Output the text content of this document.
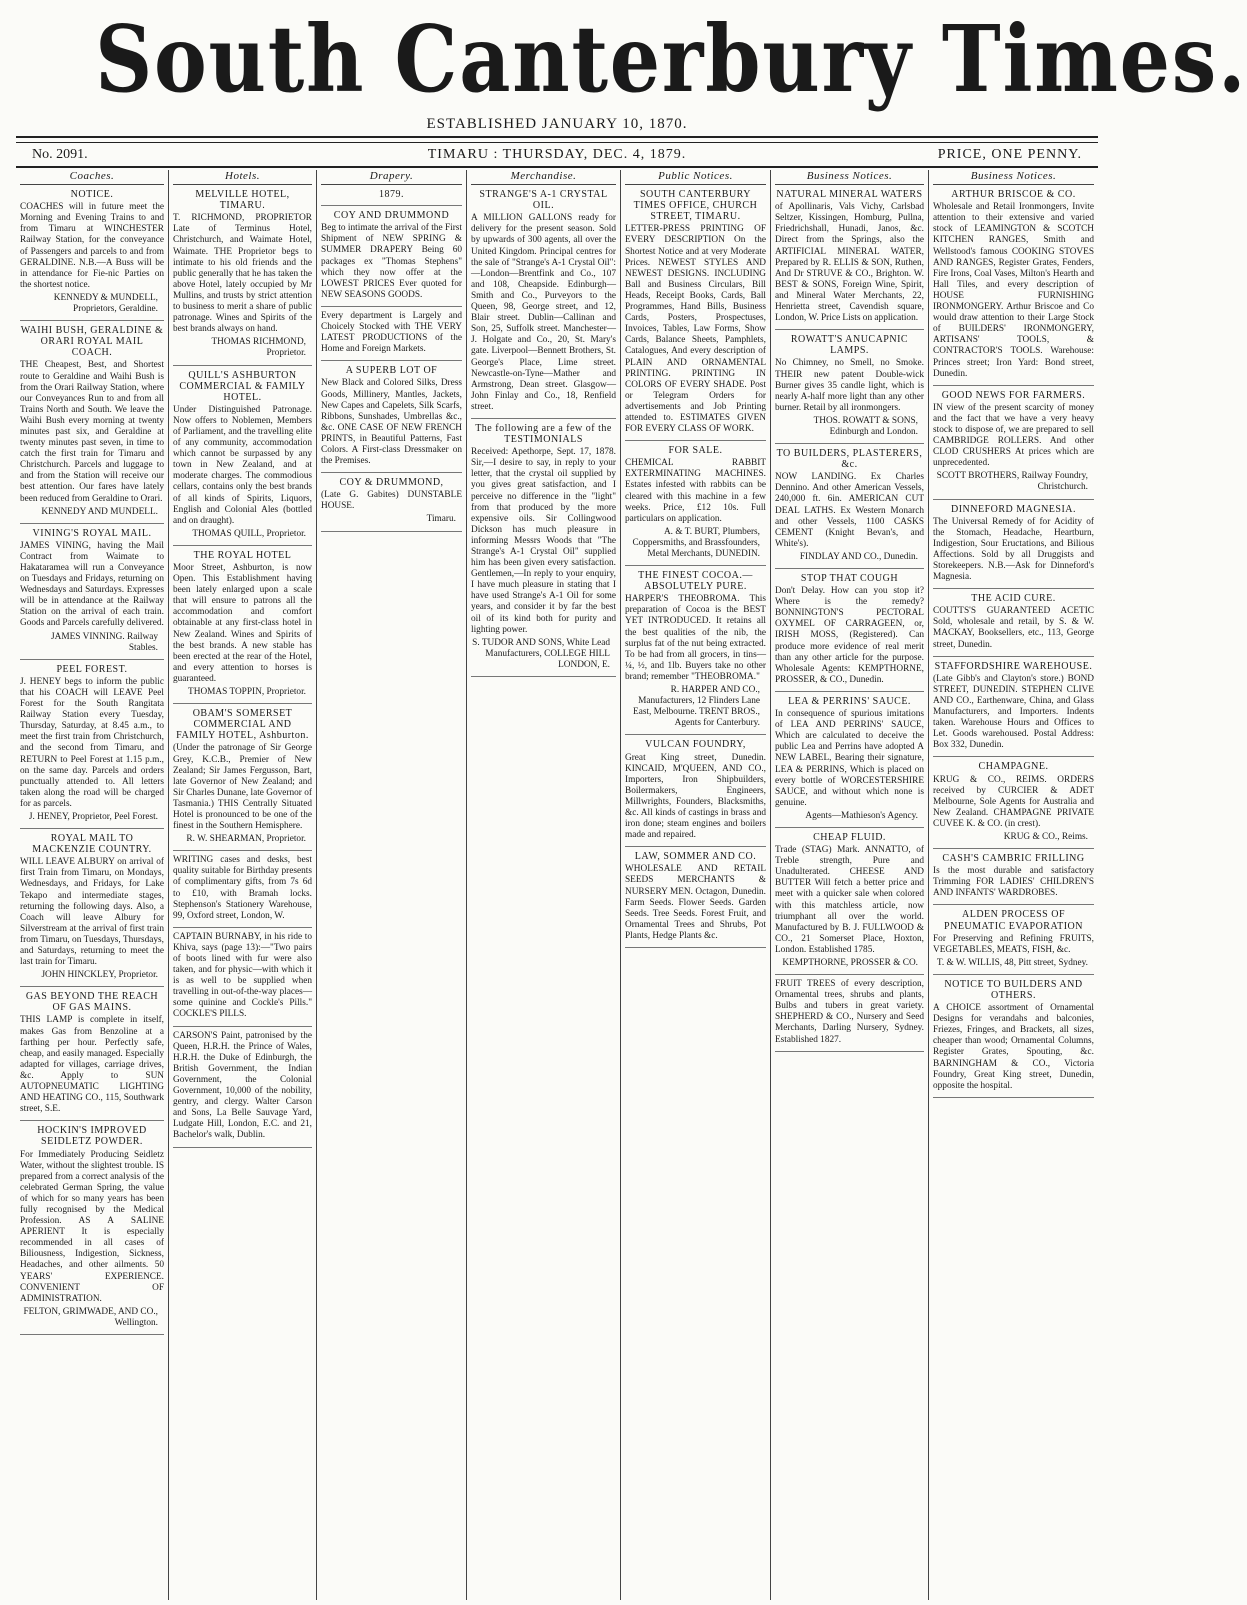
South Canterbury Times.
ESTABLISHED JANUARY 10, 1870.
No. 2091.	TIMARU : THURSDAY, DEC. 4, 1879.	PRICE, ONE PENNY.
Coaches.
NOTICE.

COACHES will in future meet the Morning and Evening Trains to and from Timaru at WINCHESTER Railway Station, for the conveyance of Passengers and parcels to and from GERALDINE. N.B.—A Buss will be in attendance for Fie-nic Parties on the shortest notice.

KENNEDY & MUNDELL, Proprietors, Geraldine.

WAIHI BUSH, GERALDINE & ORARI ROYAL MAIL COACH.

THE Cheapest, Best, and Shortest route to Geraldine and Waihi Bush is from the Orari Railway Station, where our Conveyances Run to and from all Trains North and South. We leave the Waihi Bush every morning at twenty minutes past six, and Geraldine at twenty minutes past seven, in time to catch the first train for Timaru and Christchurch. Parcels and luggage to and from the Station will receive our best attention. Our fares have lately been reduced from Geraldine to Orari.

KENNEDY AND MUNDELL.

VINING'S ROYAL MAIL.

JAMES VINING, having the Mail Contract from Waimate to Hakataramea will run a Conveyance on Tuesdays and Fridays, returning on Wednesdays and Saturdays. Expresses will be in attendance at the Railway Station on the arrival of each train. Goods and Parcels carefully delivered.

JAMES VINNING. Railway Stables.

PEEL FOREST.

J. HENEY begs to inform the public that his COACH will LEAVE Peel Forest for the South Rangitata Railway Station every Tuesday, Thursday, Saturday, at 8.45 a.m., to meet the first train from Christchurch, and the second from Timaru, and RETURN to Peel Forest at 1.15 p.m., on the same day. Parcels and orders punctually attended to. All letters taken along the road will be charged for as parcels.

J. HENEY, Proprietor, Peel Forest.

ROYAL MAIL TO MACKENZIE COUNTRY.

WILL LEAVE ALBURY on arrival of first Train from Timaru, on Mondays, Wednesdays, and Fridays, for Lake Tekapo and intermediate stages, returning the following days. Also, a Coach will leave Albury for Silverstream at the arrival of first train from Timaru, on Tuesdays, Thursdays, and Saturdays, returning to meet the last train for Timaru.

JOHN HINCKLEY, Proprietor.

GAS BEYOND THE REACH OF GAS MAINS.

THIS LAMP is complete in itself, makes Gas from Benzoline at a farthing per hour. Perfectly safe, cheap, and easily managed. Especially adapted for villages, carriage drives, &c. Apply to SUN AUTOPNEUMATIC LIGHTING AND HEATING CO., 115, Southwark street, S.E.

HOCKIN'S IMPROVED SEIDLETZ POWDER.

For Immediately Producing Seidletz Water, without the slightest trouble. IS prepared from a correct analysis of the celebrated German Spring, the value of which for so many years has been fully recognised by the Medical Profession. AS A SALINE APERIENT It is especially recommended in all cases of Biliousness, Indigestion, Sickness, Headaches, and other ailments. 50 YEARS' EXPERIENCE. CONVENIENT OF ADMINISTRATION.

FELTON, GRIMWADE, AND CO., Wellington.

Hotels.
MELVILLE HOTEL, TIMARU.

T. RICHMOND, PROPRIETOR Late of Terminus Hotel, Christchurch, and Waimate Hotel, Waimate. THE Proprietor begs to intimate to his old friends and the public generally that he has taken the above Hotel, lately occupied by Mr Mullins, and trusts by strict attention to business to merit a share of public patronage. Wines and Spirits of the best brands always on hand.

THOMAS RICHMOND, Proprietor.

QUILL'S ASHBURTON COMMERCIAL & FAMILY HOTEL.

Under Distinguished Patronage. Now offers to Noblemen, Members of Parliament, and the travelling elite of any community, accommodation which cannot be surpassed by any town in New Zealand, and at moderate charges. The commodious cellars, contains only the best brands of all kinds of Spirits, Liquors, English and Colonial Ales (bottled and on draught).

THOMAS QUILL, Proprietor.

THE ROYAL HOTEL

Moor Street, Ashburton, is now Open. This Establishment having been lately enlarged upon a scale that will ensure to patrons all the accommodation and comfort obtainable at any first-class hotel in New Zealand. Wines and Spirits of the best brands. A new stable has been erected at the rear of the Hotel, and every attention to horses is guaranteed.

THOMAS TOPPIN, Proprietor.

OBAM'S SOMERSET COMMERCIAL AND FAMILY HOTEL, Ashburton.

(Under the patronage of Sir George Grey, K.C.B., Premier of New Zealand; Sir James Fergusson, Bart, late Governor of New Zealand; and Sir Charles Dunane, late Governor of Tasmania.) THIS Centrally Situated Hotel is pronounced to be one of the finest in the Southern Hemisphere.

R. W. SHEARMAN, Proprietor.

WRITING cases and desks, best quality suitable for Birthday presents of complimentary gifts, from 7s 6d to £10, with Bramah locks. Stephenson's Stationery Warehouse, 99, Oxford street, London, W.

CAPTAIN BURNABY, in his ride to Khiva, says (page 13):—"Two pairs of boots lined with fur were also taken, and for physic—with which it is as well to be supplied when travelling in out-of-the-way places—some quinine and Cockle's Pills." COCKLE'S PILLS.

CARSON'S Paint, patronised by the Queen, H.R.H. the Prince of Wales, H.R.H. the Duke of Edinburgh, the British Government, the Indian Government, the Colonial Government, 10,000 of the nobility, gentry, and clergy. Walter Carson and Sons, La Belle Sauvage Yard, Ludgate Hill, London, E.C. and 21, Bachelor's walk, Dublin.

Drapery.
1879.
COY AND DRUMMOND

Beg to intimate the arrival of the First Shipment of NEW SPRING & SUMMER DRAPERY Being 60 packages ex "Thomas Stephens" which they now offer at the LOWEST PRICES Ever quoted for NEW SEASONS GOODS.

Every department is Largely and Choicely Stocked with THE VERY LATEST PRODUCTIONS of the Home and Foreign Markets.

A SUPERB LOT OF

New Black and Colored Silks, Dress Goods, Millinery, Mantles, Jackets, New Capes and Capelets, Silk Scarfs, Ribbons, Sunshades, Umbrellas &c., &c. ONE CASE OF NEW FRENCH PRINTS, in Beautiful Patterns, Fast Colors. A First-class Dressmaker on the Premises.

COY & DRUMMOND,

(Late G. Gabites) DUNSTABLE HOUSE.

Timaru.

Merchandise.
STRANGE'S A-1 CRYSTAL OIL.

A MILLION GALLONS ready for delivery for the present season. Sold by upwards of 300 agents, all over the United Kingdom. Principal centres for the sale of "Strange's A-1 Crystal Oil":—London—Brentfink and Co., 107 and 108, Cheapside. Edinburgh—Smith and Co., Purveyors to the Queen, 98, George street, and 12, Blair street. Dublin—Callinan and Son, 25, Suffolk street. Manchester—J. Holgate and Co., 20, St. Mary's gate. Liverpool—Bennett Brothers, St. George's Place, Lime street. Newcastle-on-Tyne—Mather and Armstrong, Dean street. Glasgow—John Finlay and Co., 18, Renfield street.

The following are a few of the TESTIMONIALS

Received: Apethorpe, Sept. 17, 1878. Sir,—I desire to say, in reply to your letter, that the crystal oil supplied by you gives great satisfaction, and I perceive no difference in the "light" from that produced by the more expensive oils. Sir Collingwood Dickson has much pleasure in informing Messrs Woods that "The Strange's A-1 Crystal Oil" supplied him has been given every satisfaction. Gentlemen,—In reply to your enquiry, I have much pleasure in stating that I have used Strange's A-1 Oil for some years, and consider it by far the best oil of its kind both for purity and lighting power.

S. TUDOR AND SONS, White Lead Manufacturers, COLLEGE HILL LONDON, E.

Public Notices.
SOUTH CANTERBURY TIMES OFFICE, CHURCH STREET, TIMARU.

LETTER-PRESS PRINTING OF EVERY DESCRIPTION On the Shortest Notice and at very Moderate Prices. NEWEST STYLES AND NEWEST DESIGNS. INCLUDING Ball and Business Circulars, Bill Heads, Receipt Books, Cards, Ball Programmes, Hand Bills, Business Cards, Posters, Prospectuses, Invoices, Tables, Law Forms, Show Cards, Balance Sheets, Pamphlets, Catalogues, And every description of PLAIN AND ORNAMENTAL PRINTING. PRINTING IN COLORS OF EVERY SHADE. Post or Telegram Orders for advertisements and Job Printing attended to. ESTIMATES GIVEN FOR EVERY CLASS OF WORK.

FOR SALE.

CHEMICAL RABBIT EXTERMINATING MACHINES. Estates infested with rabbits can be cleared with this machine in a few weeks. Price, £12 10s. Full particulars on application.

A. & T. BURT, Plumbers, Coppersmiths, and Brassfounders, Metal Merchants, DUNEDIN.

THE FINEST COCOA.—ABSOLUTELY PURE.

HARPER'S THEOBROMA. This preparation of Cocoa is the BEST YET INTRODUCED. It retains all the best qualities of the nib, the surplus fat of the nut being extracted. To be had from all grocers, in tins—¼, ½, and 1lb. Buyers take no other brand; remember "THEOBROMA."

R. HARPER AND CO., Manufacturers, 12 Flinders Lane East, Melbourne. TRENT BROS., Agents for Canterbury.

VULCAN FOUNDRY,

Great King street, Dunedin. KINCAID, M'QUEEN, AND CO., Importers, Iron Shipbuilders, Boilermakers, Engineers, Millwrights, Founders, Blacksmiths, &c. All kinds of castings in brass and iron done; steam engines and boilers made and repaired.

LAW, SOMMER AND CO.

WHOLESALE AND RETAIL SEEDS MERCHANTS & NURSERY MEN. Octagon, Dunedin. Farm Seeds. Flower Seeds. Garden Seeds. Tree Seeds. Forest Fruit, and Ornamental Trees and Shrubs, Pot Plants, Hedge Plants &c.

Business Notices.
NATURAL MINERAL WATERS

of Apollinaris, Vals Vichy, Carlsbad Seltzer, Kissingen, Homburg, Pullna, Friedrichshall, Hunadi, Janos, &c. Direct from the Springs, also the ARTIFICIAL MINERAL WATER, Prepared by R. ELLIS & SON, Ruthen, And Dr STRUVE & CO., Brighton. W. BEST & SONS, Foreign Wine, Spirit, and Mineral Water Merchants, 22, Henrietta street, Cavendish square, London, W. Price Lists on application.

ROWATT'S ANUCAPNIC LAMPS.

No Chimney, no Smell, no Smoke. THEIR new patent Double-wick Burner gives 35 candle light, which is nearly A-half more light than any other burner. Retail by all ironmongers.

THOS. ROWATT & SONS, Edinburgh and London.

TO BUILDERS, PLASTERERS, &c.

NOW LANDING. Ex Charles Dennino. And other American Vessels, 240,000 ft. 6in. AMERICAN CUT DEAL LATHS. Ex Western Monarch and other Vessels, 1100 CASKS CEMENT (Knight Bevan's, and White's).

FINDLAY AND CO., Dunedin.

STOP THAT COUGH

Don't Delay. How can you stop it? Where is the remedy? BONNINGTON'S PECTORAL OXYMEL OF CARRAGEEN, or, IRISH MOSS, (Registered). Can produce more evidence of real merit than any other article for the purpose. Wholesale Agents: KEMPTHORNE, PROSSER, & CO., Dunedin.

LEA & PERRINS' SAUCE.

In consequence of spurious imitations of LEA AND PERRINS' SAUCE, Which are calculated to deceive the public Lea and Perrins have adopted A NEW LABEL, Bearing their signature, LEA & PERRINS, Which is placed on every bottle of WORCESTERSHIRE SAUCE, and without which none is genuine.

Agents—Mathieson's Agency.

CHEAP FLUID.

Trade (STAG) Mark. ANNATTO, of Treble strength, Pure and Unadulterated. CHEESE AND BUTTER Will fetch a better price and meet with a quicker sale when colored with this matchless article, now triumphant all over the world. Manufactured by B. J. FULLWOOD & CO., 21 Somerset Place, Hoxton, London. Established 1785.

KEMPTHORNE, PROSSER & CO.

FRUIT TREES of every description, Ornamental trees, shrubs and plants, Bulbs and tubers in great variety. SHEPHERD & CO., Nursery and Seed Merchants, Darling Nursery, Sydney. Established 1827.

Business Notices.
ARTHUR BRISCOE & CO.

Wholesale and Retail Ironmongers, Invite attention to their extensive and varied stock of LEAMINGTON & SCOTCH KITCHEN RANGES, Smith and Wellstood's famous COOKING STOVES AND RANGES, Register Grates, Fenders, Fire Irons, Coal Vases, Milton's Hearth and Hall Tiles, and every description of HOUSE FURNISHING IRONMONGERY. Arthur Briscoe and Co would draw attention to their Large Stock of BUILDERS' IRONMONGERY, ARTISANS' TOOLS, & CONTRACTOR'S TOOLS. Warehouse: Princes street; Iron Yard: Bond street, Dunedin.

GOOD NEWS FOR FARMERS.

IN view of the present scarcity of money and the fact that we have a very heavy stock to dispose of, we are prepared to sell CAMBRIDGE ROLLERS. And other CLOD CRUSHERS At prices which are unprecedented.

SCOTT BROTHERS, Railway Foundry, Christchurch.

DINNEFORD MAGNESIA.

The Universal Remedy of for Acidity of the Stomach, Headache, Heartburn, Indigestion, Sour Eructations, and Bilious Affections. Sold by all Druggists and Storekeepers. N.B.—Ask for Dinneford's Magnesia.

THE ACID CURE.

COUTTS'S GUARANTEED ACETIC Sold, wholesale and retail, by S. & W. MACKAY, Booksellers, etc., 113, George street, Dunedin.

STAFFORDSHIRE WAREHOUSE.

(Late Gibb's and Clayton's store.) BOND STREET, DUNEDIN. STEPHEN CLIVE AND CO., Earthenware, China, and Glass Manufacturers, and Importers. Indents taken. Warehouse Hours and Offices to Let. Goods warehoused. Postal Address: Box 332, Dunedin.

CHAMPAGNE.

KRUG & CO., REIMS. ORDERS received by CURCIER & ADET Melbourne, Sole Agents for Australia and New Zealand. CHAMPAGNE PRIVATE CUVEE K. & CO. (in crest).

KRUG & CO., Reims.

CASH'S CAMBRIC FRILLING

Is the most durable and satisfactory Trimming FOR LADIES' CHILDREN'S AND INFANTS' WARDROBES.

ALDEN PROCESS OF PNEUMATIC EVAPORATION

For Preserving and Refining FRUITS, VEGETABLES, MEATS, FISH, &c.

T. & W. WILLIS, 48, Pitt street, Sydney.

NOTICE TO BUILDERS AND OTHERS.

A CHOICE assortment of Ornamental Designs for verandahs and balconies, Friezes, Fringes, and Brackets, all sizes, cheaper than wood; Ornamental Columns, Register Grates, Spouting, &c. BARNINGHAM & CO., Victoria Foundry, Great King street, Dunedin, opposite the hospital.
